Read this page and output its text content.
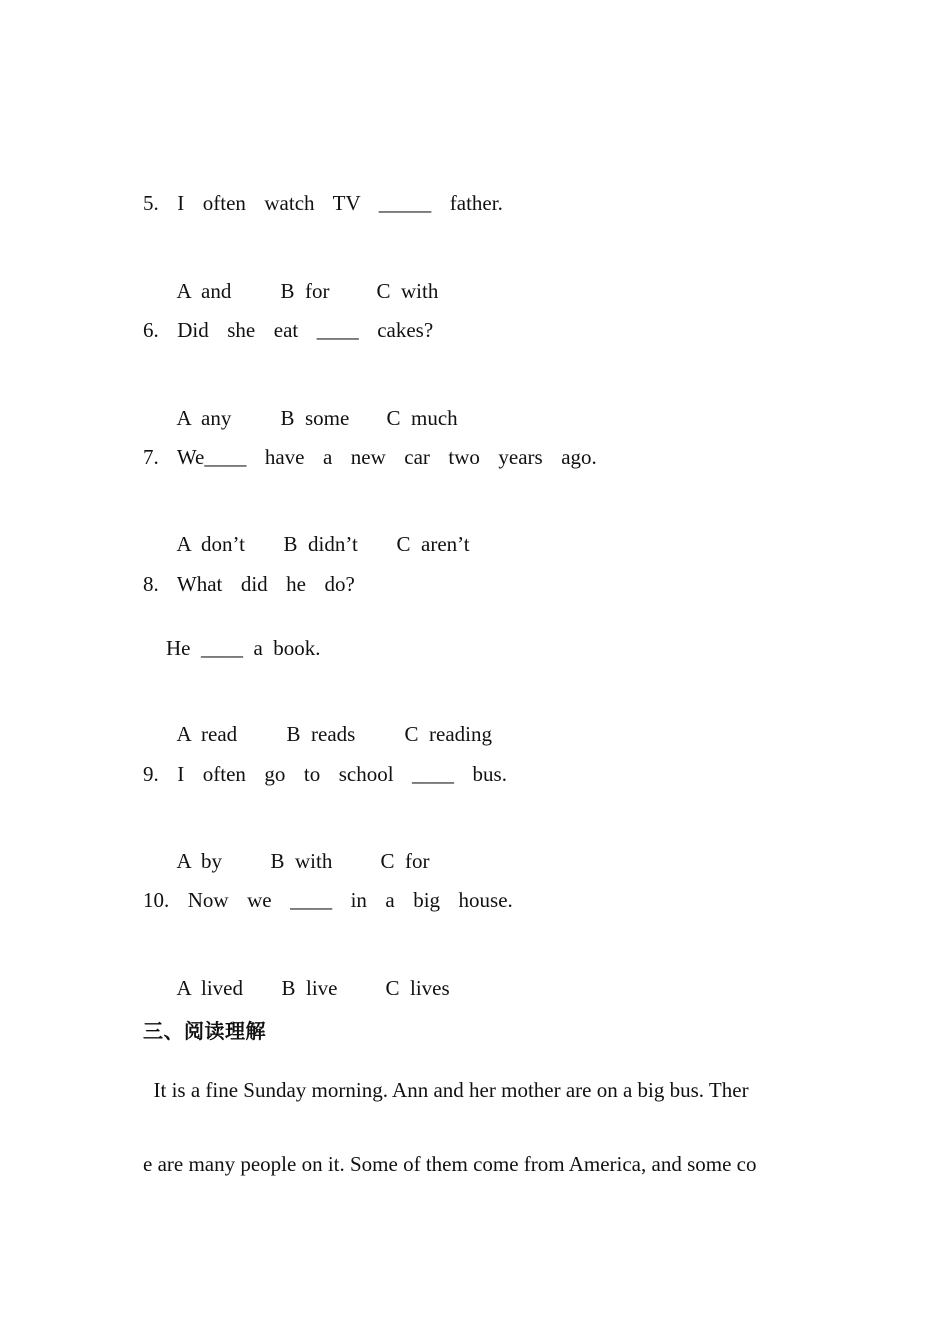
5.  I  often  watch  TV  _____  father.

A  and B  for C  with

6.  Did  she  eat  ____  cakes?

A  any B  some C  much

7.  We____  have  a  new  car  two  years  ago.

A  don’t B  didn’t C  aren’t

8.  What  did  he  do?
He  ____  a  book.

A  read B  reads C  reading

9.  I  often  go  to  school  ____  bus.

A  by B  with C  for

10.  Now  we  ____  in  a  big  house.

A  lived B  live C  lives

三、阅读理解
It is a fine Sunday morning. Ann and her mother are on a big bus. Ther
e are many people on it. Some of them come from America, and some co
